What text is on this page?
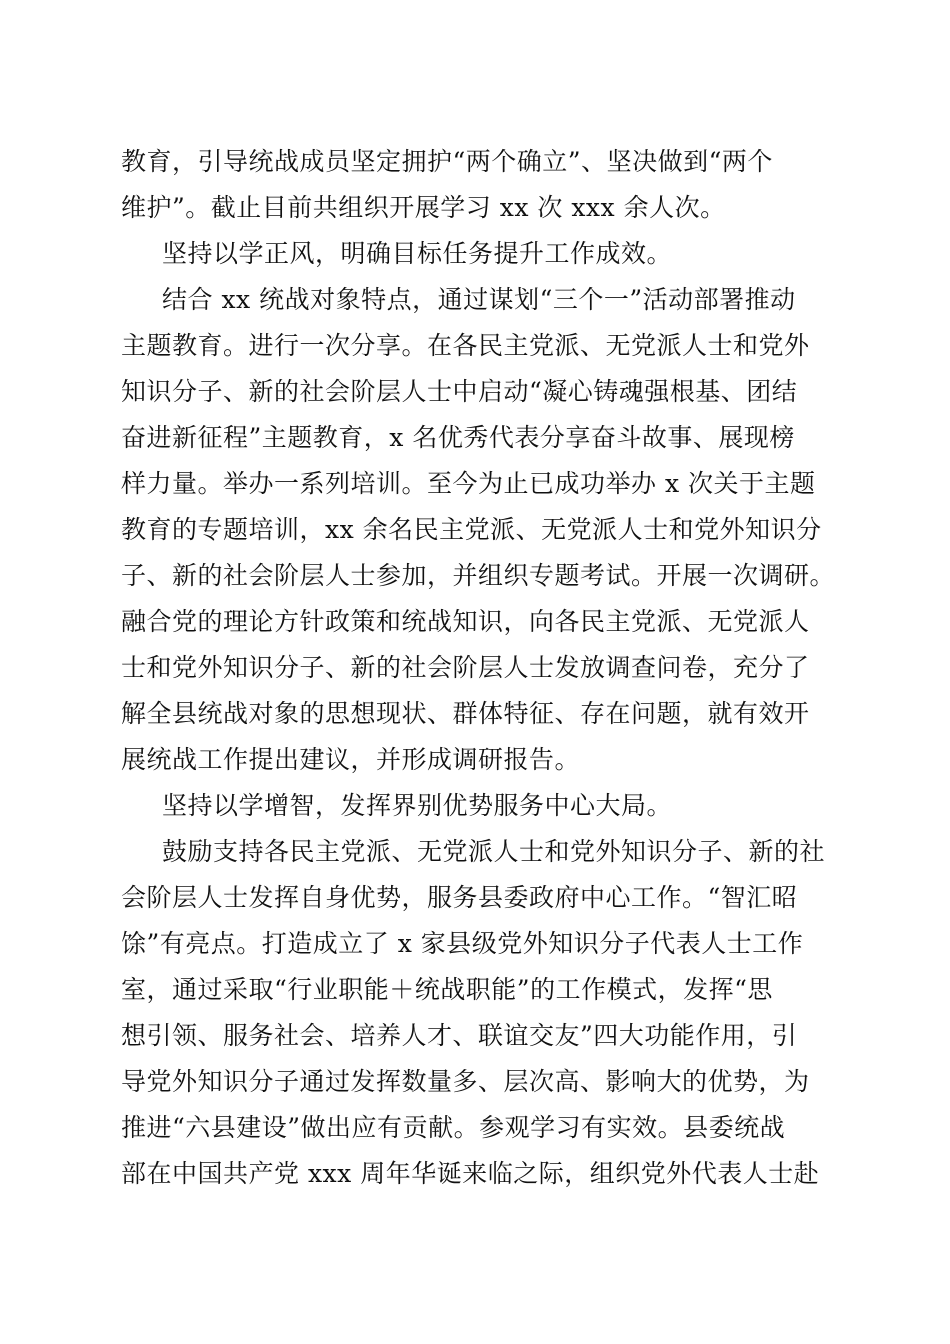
教育，引导统战成员坚定拥护“两个确立”、坚决做到“两个
维护”。截止目前共组织开展学习 xx 次 xxx 余人次。
坚持以学正风，明确目标任务提升工作成效。
结合 xx 统战对象特点，通过谋划“三个一”活动部署推动
主题教育。进行一次分享。在各民主党派、无党派人士和党外
知识分子、新的社会阶层人士中启动“凝心铸魂强根基、团结
奋进新征程”主题教育，x 名优秀代表分享奋斗故事、展现榜
样力量。举办一系列培训。至今为止已成功举办 x 次关于主题
教育的专题培训，xx 余名民主党派、无党派人士和党外知识分
子、新的社会阶层人士参加，并组织专题考试。开展一次调研。
融合党的理论方针政策和统战知识，向各民主党派、无党派人
士和党外知识分子、新的社会阶层人士发放调查问卷，充分了
解全县统战对象的思想现状、群体特征、存在问题，就有效开
展统战工作提出建议，并形成调研报告。
坚持以学增智，发挥界别优势服务中心大局。
鼓励支持各民主党派、无党派人士和党外知识分子、新的社
会阶层人士发挥自身优势，服务县委政府中心工作。“智汇昭
馀”有亮点。打造成立了 x 家县级党外知识分子代表人士工作
室，通过采取“行业职能＋统战职能”的工作模式，发挥“思
想引领、服务社会、培养人才、联谊交友”四大功能作用，引
导党外知识分子通过发挥数量多、层次高、影响大的优势，为
推进“六县建设”做出应有贡献。参观学习有实效。县委统战
部在中国共产党 xxx 周年华诞来临之际，组织党外代表人士赴
